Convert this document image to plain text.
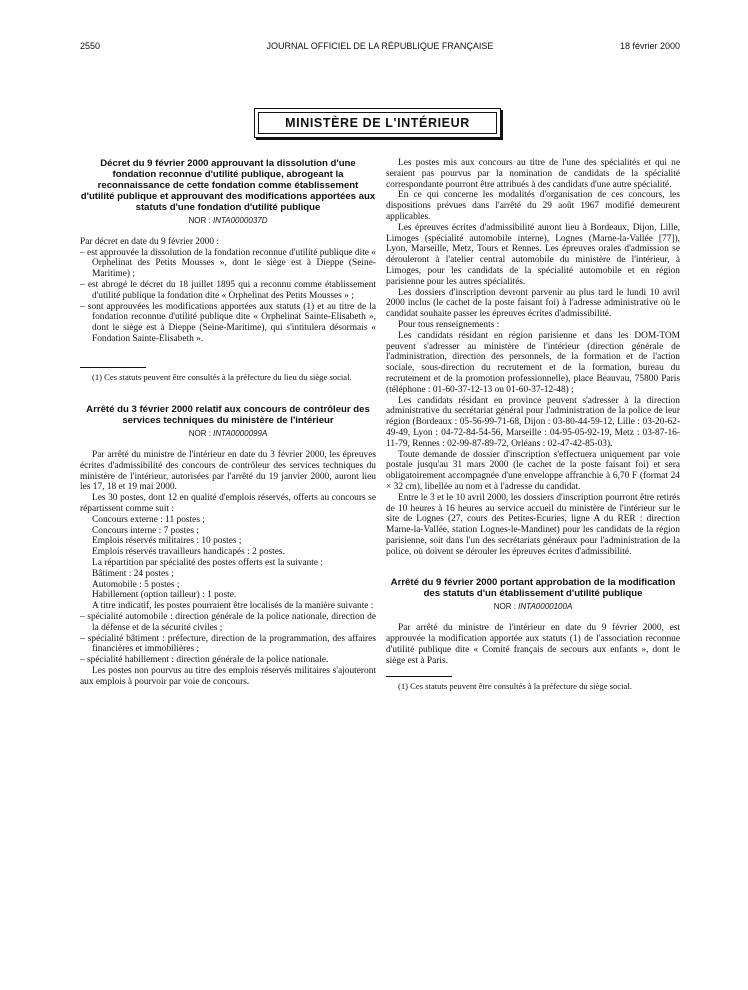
2550	JOURNAL OFFICIEL DE LA RÉPUBLIQUE FRANÇAISE	18 février 2000
MINISTÈRE DE L'INTÉRIEUR

Décret du 9 février 2000 approuvant la dissolution d'une fondation reconnue d'utilité publique, abrogeant la reconnaissance de cette fondation comme établissement d'utilité publique et approuvant des modifications apportées aux statuts d'une fondation d'utilité publique

NOR : INTA0000037D

Par décret en date du 9 février 2000 :

– est approuvée la dissolution de la fondation reconnue d'utilité publique dite « Orphelinat des Petits Mousses », dont le siège est à Dieppe (Seine-Maritime) ;
– est abrogé le décret du 18 juillet 1895 qui a reconnu comme établissement d'utilité publique la fondation dite « Orphelinat des Petits Mousses » ;
– sont approuvées les modifications apportées aux statuts (1) et au titre de la fondation reconnue d'utilité publique dite « Orphelinat Sainte-Elisabeth », dont le siège est à Dieppe (Seine-Maritime), qui s'intitulera désormais « Fondation Sainte-Elisabeth ».

(1) Ces statuts peuvent être consultés à la préfecture du lieu du siège social.

Arrêté du 3 février 2000 relatif aux concours de contrôleur des services techniques du ministère de l'intérieur

NOR : INTA0000099A

Par arrêté du ministre de l'intérieur en date du 3 février 2000, les épreuves écrites d'admissibilité des concours de contrôleur des services techniques du ministère de l'intérieur, autorisées par l'arrêté du 19 janvier 2000, auront lieu les 17, 18 et 19 mai 2000.

Les 30 postes, dont 12 en qualité d'emplois réservés, offerts au concours se répartissent comme suit :

Concours externe : 11 postes ;

Concours interne : 7 postes ;

Emplois réservés militaires : 10 postes ;

Emplois réservés travailleurs handicapés : 2 postes.

La répartition par spécialité des postes offerts est la suivante :

Bâtiment : 24 postes ;

Automobile : 5 postes ;

Habillement (option tailleur) : 1 poste.

A titre indicatif, les postes pourraient être localisés de la manière suivante :

– spécialité automobile : direction générale de la police nationale, direction de la défense et de la sécurité civiles ;
– spécialité bâtiment : préfecture, direction de la programmation, des affaires financières et immobilières ;
– spécialité habillement : direction générale de la police nationale.

Les postes non pourvus au titre des emplois réservés militaires s'ajouteront aux emplois à pourvoir par voie de concours.

Les postes mis aux concours au titre de l'une des spécialités et qui ne seraient pas pourvus par la nomination de candidats de la spécialité correspondante pourront être attribués à des candidats d'une autre spécialité.

En ce qui concerne les modalités d'organisation de ces concours, les dispositions prévues dans l'arrêté du 29 août 1967 modifié demeurent applicables.

Les épreuves écrites d'admissibilité auront lieu à Bordeaux, Dijon, Lille, Limoges (spécialité automobile interne), Lognes (Marne-la-Vallée [77]), Lyon, Marseille, Metz, Tours et Rennes. Les épreuves orales d'admission se dérouleront à l'atelier central automobile du ministère de l'intérieur, à Limoges, pour les candidats de la spécialité automobile et en région parisienne pour les autres spécialités.

Les dossiers d'inscription devront parvenir au plus tard le lundi 10 avril 2000 inclus (le cachet de la poste faisant foi) à l'adresse administrative où le candidat souhaite passer les épreuves écrites d'admissibilité.

Pour tous renseignements :

Les candidats résidant en région parisienne et dans les DOM-TOM peuvent s'adresser au ministère de l'intérieur (direction générale de l'administration, direction des personnels, de la formation et de l'action sociale, sous-direction du recrutement et de la formation, bureau du recrutement et de la promotion professionnelle), place Beauvau, 75800 Paris (téléphone : 01-60-37-12-13 ou 01-60-37-12-48) ;

Les candidats résidant en province peuvent s'adresser à la direction administrative du secrétariat général pour l'administration de la police de leur région (Bordeaux : 05-56-99-71-68, Dijon : 03-80-44-59-12, Lille : 03-20-62-49-49, Lyon : 04-72-84-54-56, Marseille : 04-95-05-92-19, Metz : 03-87-16-11-79, Rennes : 02-99-87-89-72, Orléans : 02-47-42-85-03).

Toute demande de dossier d'inscription s'effectuera uniquement par voie postale jusqu'au 31 mars 2000 (le cachet de la poste faisant foi) et sera obligatoirement accompagnée d'une enveloppe affranchie à 6,70 F (format 24 × 32 cm), libellée au nom et à l'adresse du candidat.

Entre le 3 et le 10 avril 2000, les dossiers d'inscription pourront être retirés de 10 heures à 16 heures au service accueil du ministère de l'intérieur sur le site de Lognes (27, cours des Petites-Ecuries, ligne A du RER : direction Marne-la-Vallée, station Lognes-le-Mandinet) pour les candidats de la région parisienne, soit dans l'un des secrétariats généraux pour l'administration de la police, où doivent se dérouler les épreuves écrites d'admissibilité.

Arrêté du 9 février 2000 portant approbation de la modification des statuts d'un établissement d'utilité publique

NOR : INTA0000100A

Par arrêté du ministre de l'intérieur en date du 9 février 2000, est approuvée la modification apportée aux statuts (1) de l'association reconnue d'utilité publique dite « Comité français de secours aux enfants », dont le siège est à Paris.

(1) Ces statuts peuvent être consultés à la préfecture du siège social.
